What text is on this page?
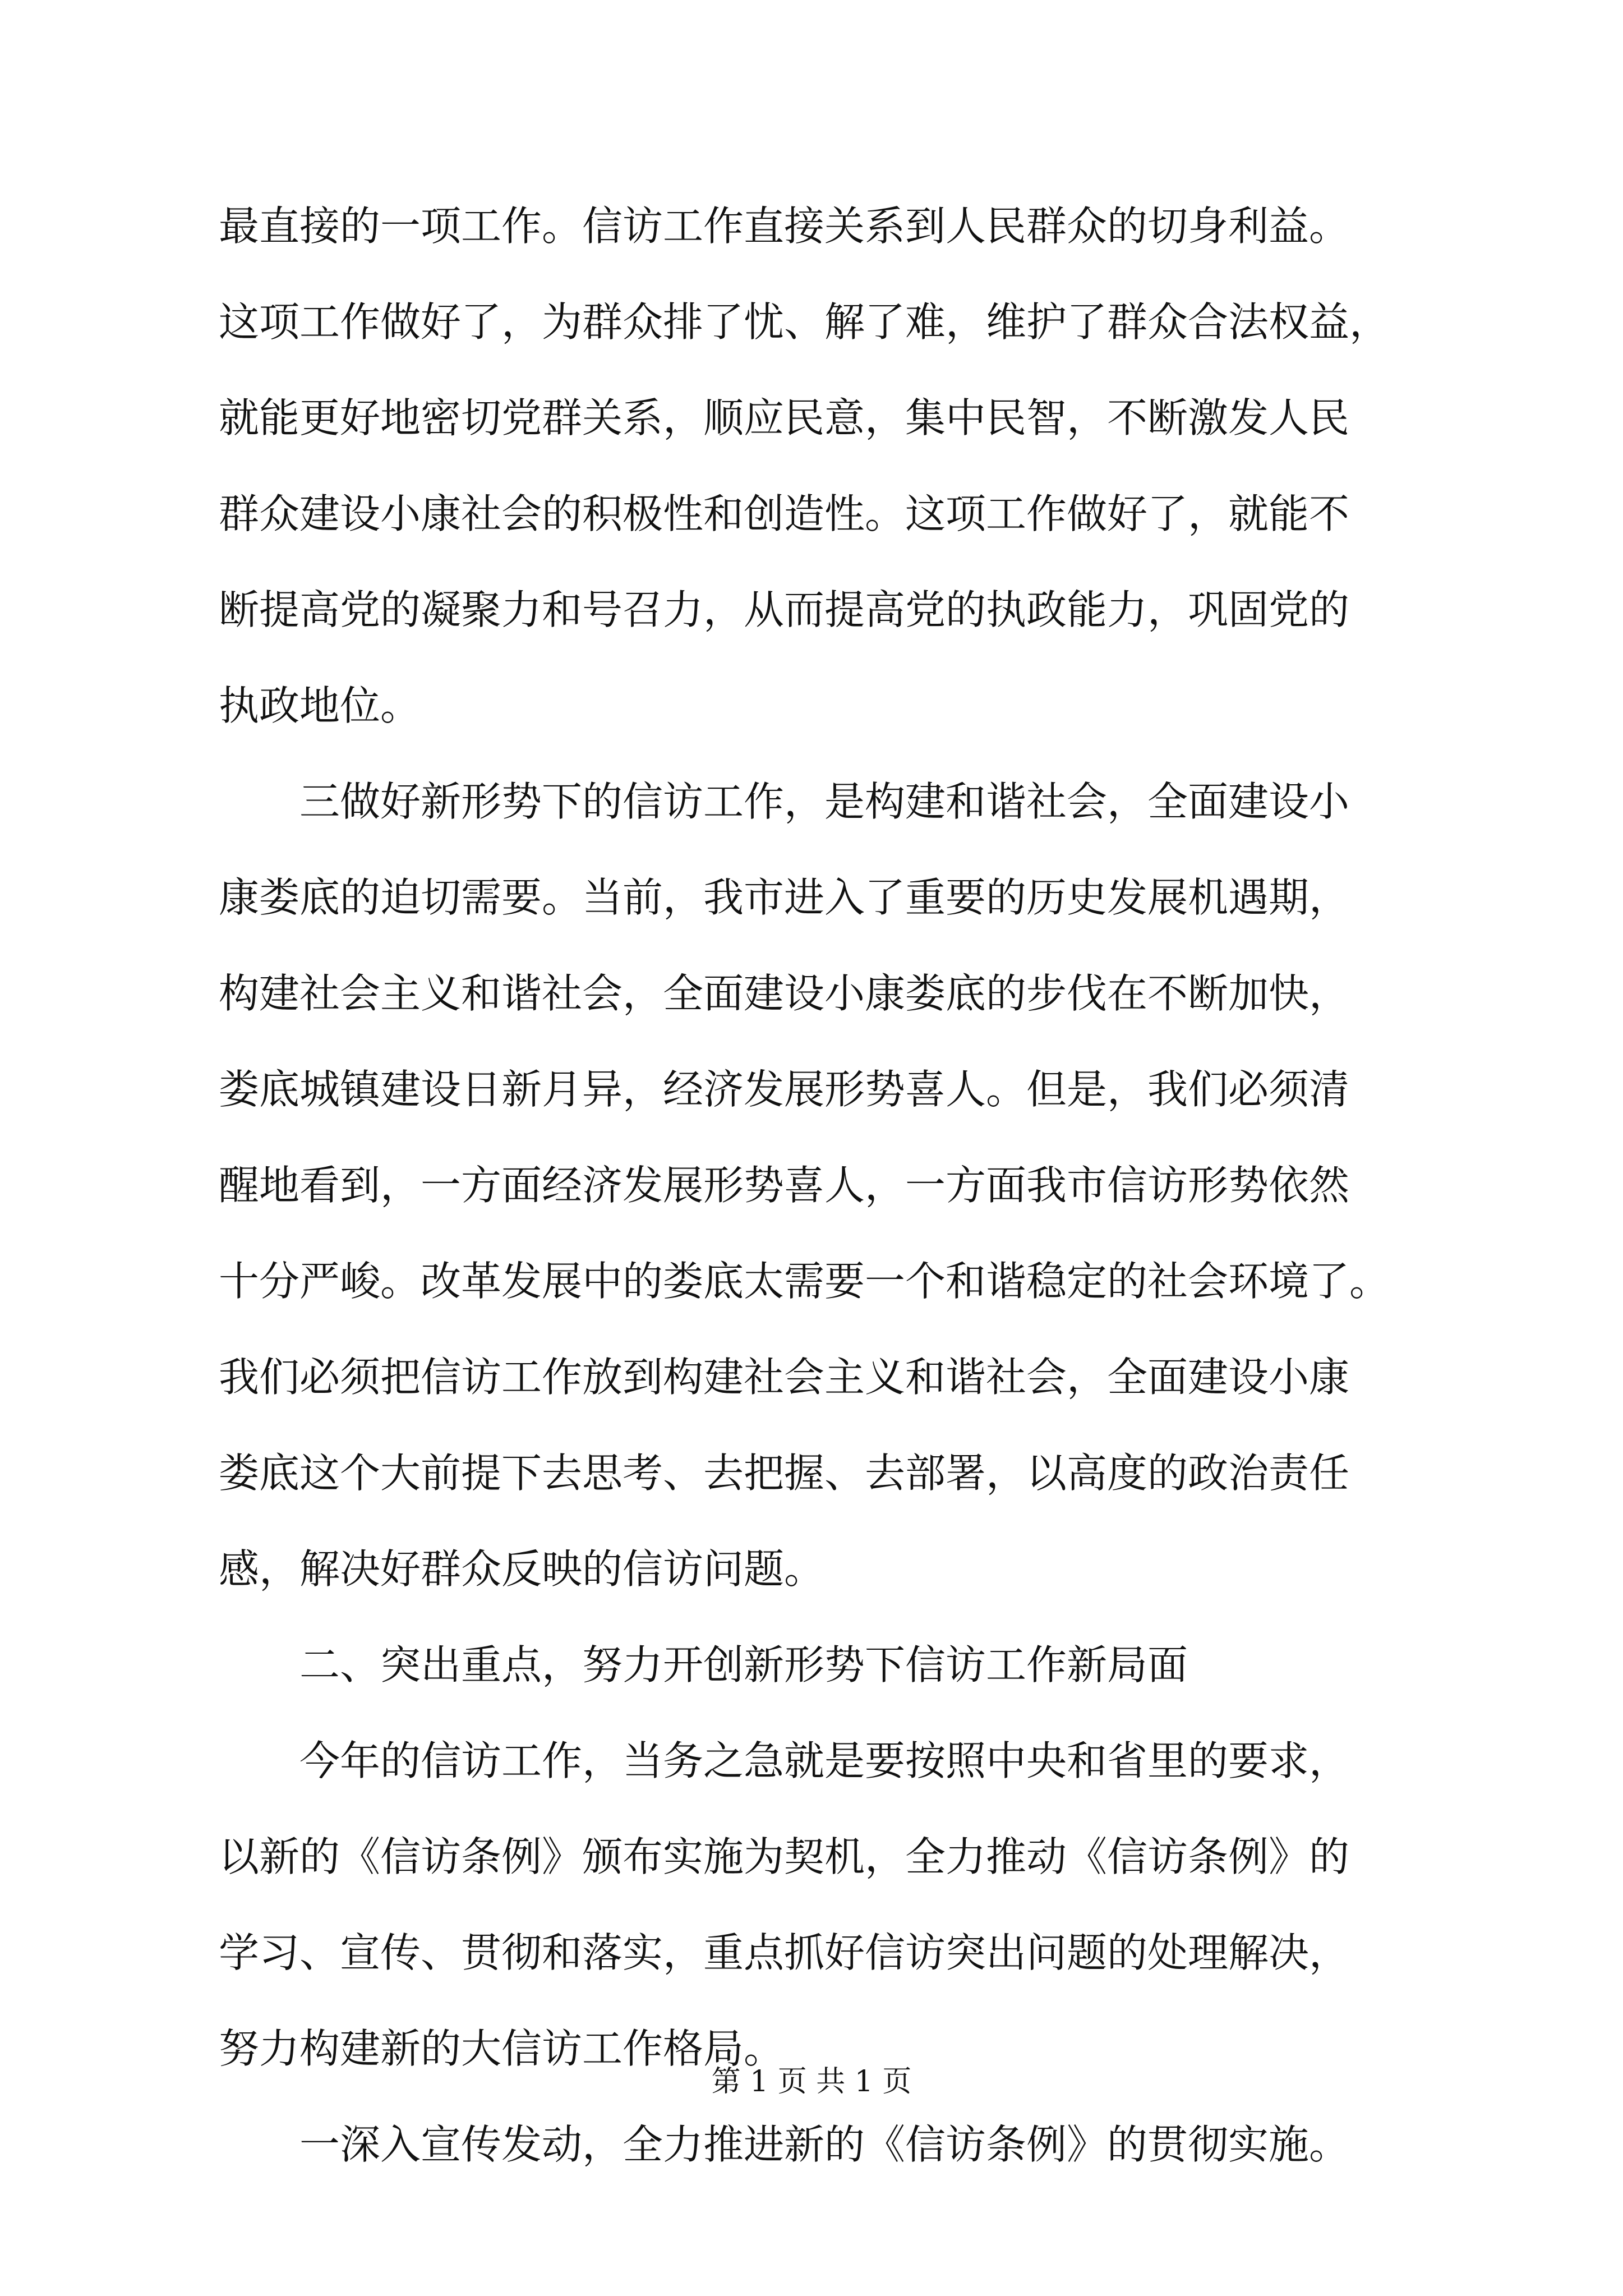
最直接的一项工作。信访工作直接关系到人民群众的切身利益。
这项工作做好了，为群众排了忧、解了难，维护了群众合法权益，
就能更好地密切党群关系，顺应民意，集中民智，不断激发人民
群众建设小康社会的积极性和创造性。这项工作做好了，就能不
断提高党的凝聚力和号召力，从而提高党的执政能力，巩固党的
执政地位。
三做好新形势下的信访工作，是构建和谐社会，全面建设小
康娄底的迫切需要。当前，我市进入了重要的历史发展机遇期，
构建社会主义和谐社会，全面建设小康娄底的步伐在不断加快，
娄底城镇建设日新月异，经济发展形势喜人。但是，我们必须清
醒地看到，一方面经济发展形势喜人，一方面我市信访形势依然
十分严峻。改革发展中的娄底太需要一个和谐稳定的社会环境了。
我们必须把信访工作放到构建社会主义和谐社会，全面建设小康
娄底这个大前提下去思考、去把握、去部署，以高度的政治责任
感，解决好群众反映的信访问题。
二、突出重点，努力开创新形势下信访工作新局面
今年的信访工作，当务之急就是要按照中央和省里的要求，
以新的《信访条例》颁布实施为契机，全力推动《信访条例》的
学习、宣传、贯彻和落实，重点抓好信访突出问题的处理解决，
努力构建新的大信访工作格局。
一深入宣传发动，全力推进新的《信访条例》的贯彻实施。
第 1 页 共 1 页
